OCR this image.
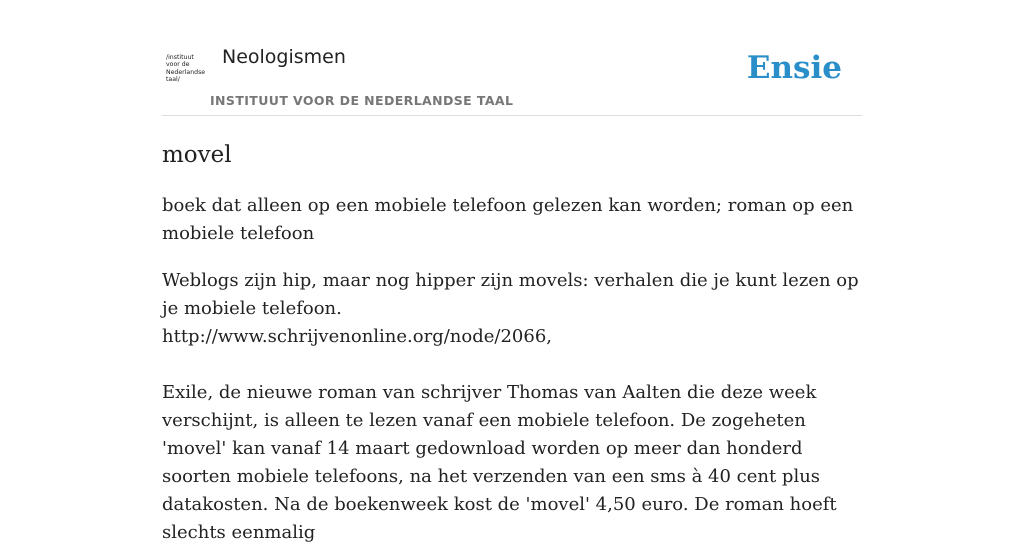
/instituut
voor de
Nederlandse
taal/
Neologismen
INSTITUUT VOOR DE NEDERLANDSE TAAL
Ensie
movel

boek dat alleen op een mobiele telefoon gelezen kan worden; roman op een mobiele telefoon

Weblogs zijn hip, maar nog hipper zijn movels: verhalen die je kunt lezen op je mobiele telefoon.
http://www.schrijvenonline.org/node/2066,
Exile, de nieuwe roman van schrijver Thomas van Aalten die deze week verschijnt, is alleen te lezen vanaf een mobiele telefoon. De zogeheten 'movel' kan vanaf 14 maart gedownload worden op meer dan honderd soorten mobiele telefoons, na het verzenden van een sms à 40 cent plus datakosten. Na de boekenweek kost de 'movel' 4,50 euro. De roman hoeft slechts eenmalig
